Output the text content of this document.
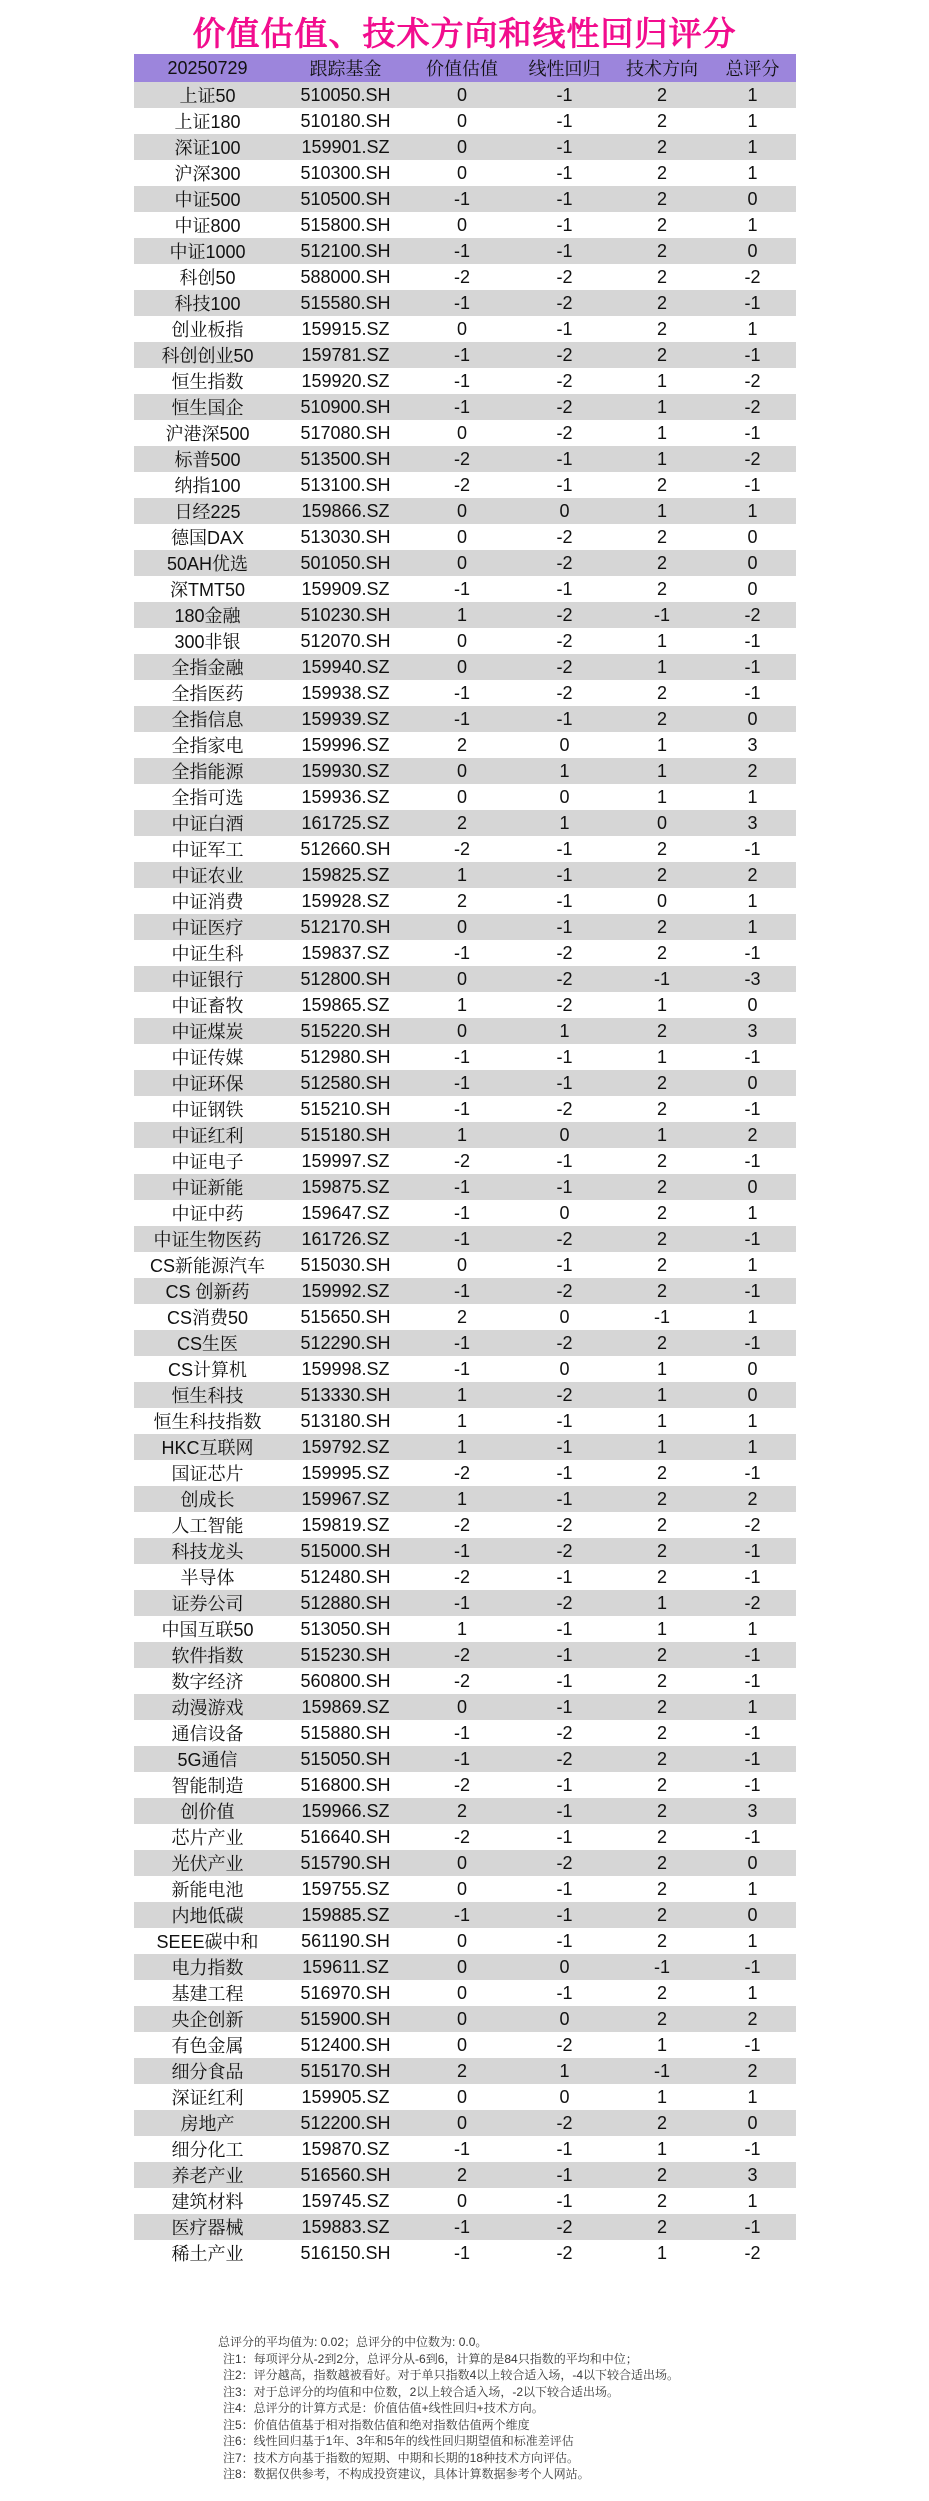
价值估值、技术方向和线性回归评分
20250729	跟踪基金	价值估值	线性回归	技术方向	总评分
上证50	510050.SH	0	-1	2	1
上证180	510180.SH	0	-1	2	1
深证100	159901.SZ	0	-1	2	1
沪深300	510300.SH	0	-1	2	1
中证500	510500.SH	-1	-1	2	0
中证800	515800.SH	0	-1	2	1
中证1000	512100.SH	-1	-1	2	0
科创50	588000.SH	-2	-2	2	-2
科技100	515580.SH	-1	-2	2	-1
创业板指	159915.SZ	0	-1	2	1
科创创业50	159781.SZ	-1	-2	2	-1
恒生指数	159920.SZ	-1	-2	1	-2
恒生国企	510900.SH	-1	-2	1	-2
沪港深500	517080.SH	0	-2	1	-1
标普500	513500.SH	-2	-1	1	-2
纳指100	513100.SH	-2	-1	2	-1
日经225	159866.SZ	0	0	1	1
德国DAX	513030.SH	0	-2	2	0
50AH优选	501050.SH	0	-2	2	0
深TMT50	159909.SZ	-1	-1	2	0
180金融	510230.SH	1	-2	-1	-2
300非银	512070.SH	0	-2	1	-1
全指金融	159940.SZ	0	-2	1	-1
全指医药	159938.SZ	-1	-2	2	-1
全指信息	159939.SZ	-1	-1	2	0
全指家电	159996.SZ	2	0	1	3
全指能源	159930.SZ	0	1	1	2
全指可选	159936.SZ	0	0	1	1
中证白酒	161725.SZ	2	1	0	3
中证军工	512660.SH	-2	-1	2	-1
中证农业	159825.SZ	1	-1	2	2
中证消费	159928.SZ	2	-1	0	1
中证医疗	512170.SH	0	-1	2	1
中证生科	159837.SZ	-1	-2	2	-1
中证银行	512800.SH	0	-2	-1	-3
中证畜牧	159865.SZ	1	-2	1	0
中证煤炭	515220.SH	0	1	2	3
中证传媒	512980.SH	-1	-1	1	-1
中证环保	512580.SH	-1	-1	2	0
中证钢铁	515210.SH	-1	-2	2	-1
中证红利	515180.SH	1	0	1	2
中证电子	159997.SZ	-2	-1	2	-1
中证新能	159875.SZ	-1	-1	2	0
中证中药	159647.SZ	-1	0	2	1
中证生物医药	161726.SZ	-1	-2	2	-1
CS新能源汽车	515030.SH	0	-1	2	1
CS 创新药	159992.SZ	-1	-2	2	-1
CS消费50	515650.SH	2	0	-1	1
CS生医	512290.SH	-1	-2	2	-1
CS计算机	159998.SZ	-1	0	1	0
恒生科技	513330.SH	1	-2	1	0
恒生科技指数	513180.SH	1	-1	1	1
HKC互联网	159792.SZ	1	-1	1	1
国证芯片	159995.SZ	-2	-1	2	-1
创成长	159967.SZ	1	-1	2	2
人工智能	159819.SZ	-2	-2	2	-2
科技龙头	515000.SH	-1	-2	2	-1
半导体	512480.SH	-2	-1	2	-1
证券公司	512880.SH	-1	-2	1	-2
中国互联50	513050.SH	1	-1	1	1
软件指数	515230.SH	-2	-1	2	-1
数字经济	560800.SH	-2	-1	2	-1
动漫游戏	159869.SZ	0	-1	2	1
通信设备	515880.SH	-1	-2	2	-1
5G通信	515050.SH	-1	-2	2	-1
智能制造	516800.SH	-2	-1	2	-1
创价值	159966.SZ	2	-1	2	3
芯片产业	516640.SH	-2	-1	2	-1
光伏产业	515790.SH	0	-2	2	0
新能电池	159755.SZ	0	-1	2	1
内地低碳	159885.SZ	-1	-1	2	0
SEEE碳中和	561190.SH	0	-1	2	1
电力指数	159611.SZ	0	0	-1	-1
基建工程	516970.SH	0	-1	2	1
央企创新	515900.SH	0	0	2	2
有色金属	512400.SH	0	-2	1	-1
细分食品	515170.SH	2	1	-1	2
深证红利	159905.SZ	0	0	1	1
房地产	512200.SH	0	-2	2	0
细分化工	159870.SZ	-1	-1	1	-1
养老产业	516560.SH	2	-1	2	3
建筑材料	159745.SZ	0	-1	2	1
医疗器械	159883.SZ	-1	-2	2	-1
稀土产业	516150.SH	-1	-2	1	-2
总评分的平均值为: 0.02；总评分的中位数为: 0.0。
注1：每项评分从-2到2分，总评分从-6到6，计算的是84只指数的平均和中位；
注2：评分越高，指数越被看好。对于单只指数4以上较合适入场，-4以下较合适出场。
注3：对于总评分的均值和中位数，2以上较合适入场，-2以下较合适出场。
注4：总评分的计算方式是：价值估值+线性回归+技术方向。
注5：价值估值基于相对指数估值和绝对指数估值两个维度
注6：线性回归基于1年、3年和5年的线性回归期望值和标准差评估
注7：技术方向基于指数的短期、中期和长期的18种技术方向评估。
注8：数据仅供参考，不构成投资建议，具体计算数据参考个人网站。
